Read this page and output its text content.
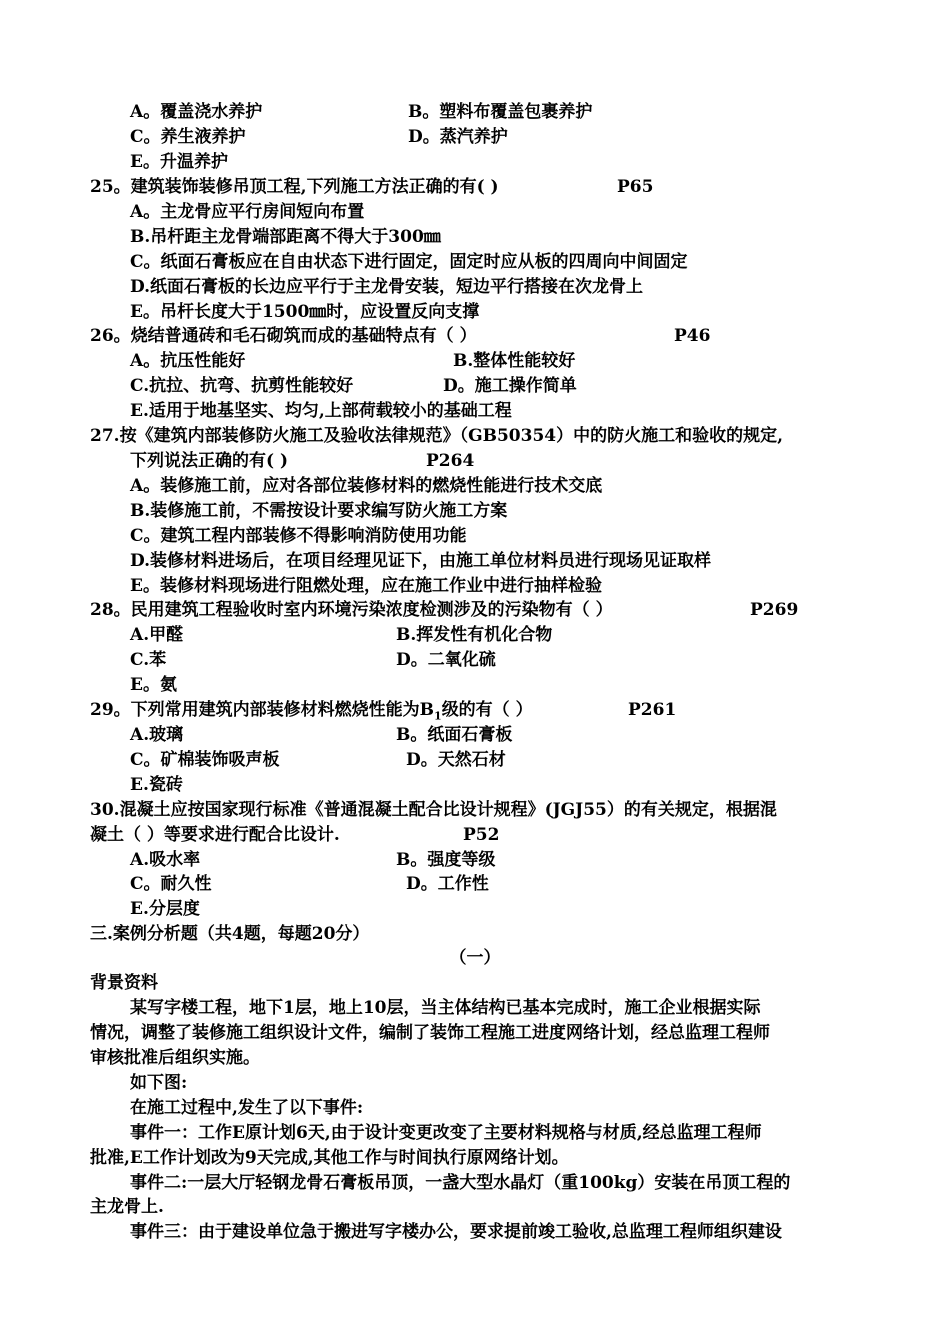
A。覆盖浇水养护	B。塑料布覆盖包裹养护
C。养生液养护	D。蒸汽养护
E。升温养护
25。建筑装饰装修吊顶工程,下列施工方法正确的有( )	P65
A。主龙骨应平行房间短向布置
B.吊杆距主龙骨端部距离不得大于300㎜
C。纸面石膏板应在自由状态下进行固定，固定时应从板的四周向中间固定
D.纸面石膏板的长边应平行于主龙骨安装，短边平行搭接在次龙骨上
E。吊杆长度大于1500㎜时，应设置反向支撑
26。烧结普通砖和毛石砌筑而成的基础特点有（ ）	P46
A。抗压性能好	B.整体性能较好
C.抗拉、抗弯、抗剪性能较好	D。施工操作简单
E.适用于地基坚实、均匀,上部荷载较小的基础工程
27.按《建筑内部装修防火施工及验收法律规范》（GB50354）中的防火施工和验收的规定,
下列说法正确的有( )	P264
A。装修施工前，应对各部位装修材料的燃烧性能进行技术交底
B.装修施工前，不需按设计要求编写防火施工方案
C。建筑工程内部装修不得影响消防使用功能
D.装修材料进场后，在项目经理见证下，由施工单位材料员进行现场见证取样
E。装修材料现场进行阻燃处理，应在施工作业中进行抽样检验
28。民用建筑工程验收时室内环境污染浓度检测涉及的污染物有（ ）	P269
A.甲醛	B.挥发性有机化合物
C.苯	D。二氧化硫
E。氨
29。下列常用建筑内部装修材料燃烧性能为$B_1$级的有（ ）	P261
A.玻璃	B。纸面石膏板
C。矿棉装饰吸声板	D。天然石材
E.瓷砖
30.混凝土应按国家现行标准《普通混凝土配合比设计规程》(JGJ55）的有关规定，根据混
凝土（ ）等要求进行配合比设计.	P52
A.吸水率	B。强度等级
C。耐久性	D。工作性
E.分层度
三.案例分析题（共4题，每题20分）
（一）
背景资料
某写字楼工程，地下1层，地上10层，当主体结构已基本完成时，施工企业根据实际
情况，调整了装修施工组织设计文件，编制了装饰工程施工进度网络计划，经总监理工程师
审核批准后组织实施。
如下图:
在施工过程中,发生了以下事件:
事件一：工作E原计划6天,由于设计变更改变了主要材料规格与材质,经总监理工程师
批准,E工作计划改为9天完成,其他工作与时间执行原网络计划。
事件二:一层大厅轻钢龙骨石膏板吊顶，一盏大型水晶灯（重100kg）安装在吊顶工程的
主龙骨上.
事件三：由于建设单位急于搬进写字楼办公，要求提前竣工验收,总监理工程师组织建设
